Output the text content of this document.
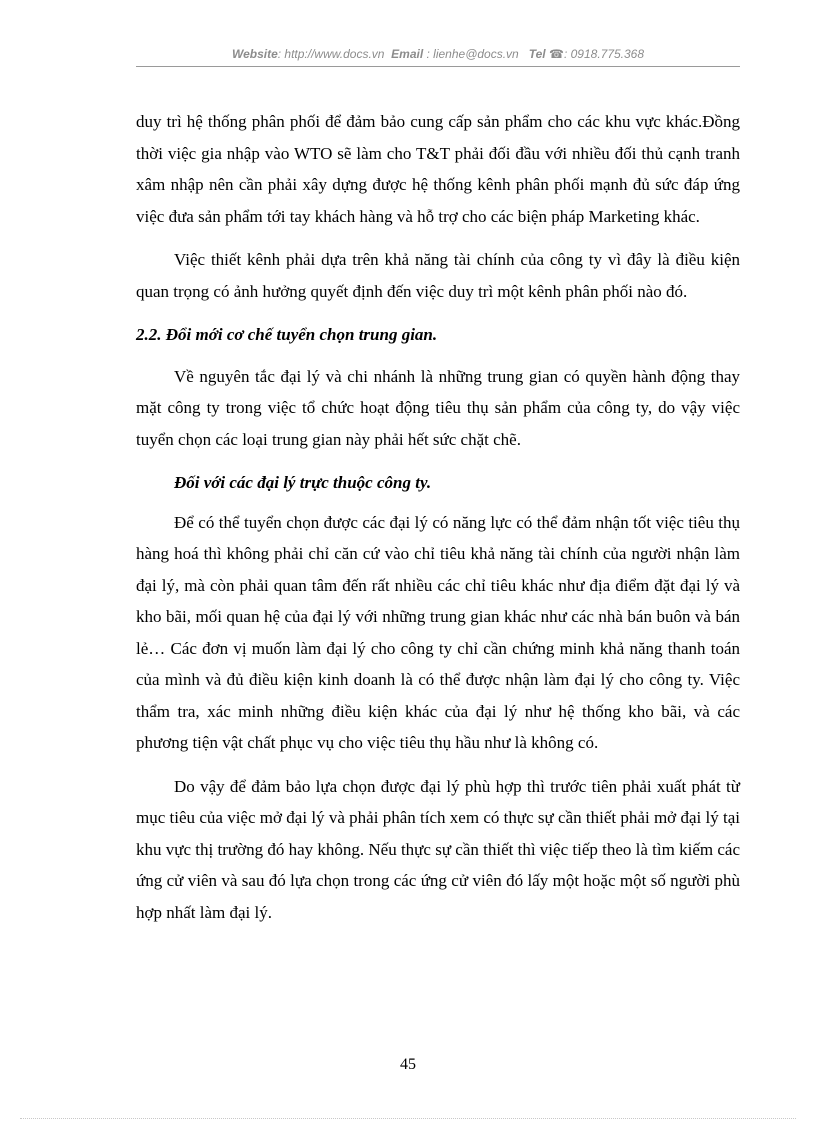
Website: http://www.docs.vn Email : lienhe@docs.vn Tel ☎: 0918.775.368

duy trì hệ thống phân phối để đảm bảo cung cấp sản phẩm cho các khu vực khác.Đồng thời việc gia nhập vào WTO sẽ làm cho T&T phải đối đầu với nhiều đối thủ cạnh tranh xâm nhập nên cần phải xây dựng được hệ thống kênh phân phối mạnh đủ sức đáp ứng việc đưa sản phẩm tới tay khách hàng và hỗ trợ cho các biện pháp Marketing khác.

Việc thiết kênh phải dựa trên khả năng tài chính của công ty vì đây là điều kiện quan trọng có ảnh hưởng quyết định đến việc duy trì một kênh phân phối nào đó.

2.2. Đổi mới cơ chế tuyển chọn trung gian.

Về nguyên tắc đại lý và chi nhánh là những trung gian có quyền hành động thay mặt công ty trong việc tổ chức hoạt động tiêu thụ sản phẩm của công ty, do vậy việc tuyển chọn các loại trung gian này phải hết sức chặt chẽ.

Đối với các đại lý trực thuộc công ty.

Để có thể tuyển chọn được các đại lý có năng lực có thể đảm nhận tốt việc tiêu thụ hàng hoá thì không phải chỉ căn cứ vào chỉ tiêu khả năng tài chính của người nhận làm đại lý, mà còn phải quan tâm đến rất nhiều các chỉ tiêu khác như địa điểm đặt đại lý và kho bãi, mối quan hệ của đại lý với những trung gian khác như các nhà bán buôn và bán lẻ… Các đơn vị muốn làm đại lý cho công ty chỉ cần chứng minh khả năng thanh toán của mình và đủ điều kiện kinh doanh là có thể được nhận làm đại lý cho công ty. Việc thẩm tra, xác minh những điều kiện khác của đại lý như hệ thống kho bãi, và các phương tiện vật chất phục vụ cho việc tiêu thụ hầu như là không có.

Do vậy để đảm bảo lựa chọn được đại lý phù hợp thì trước tiên phải xuất phát từ mục tiêu của việc mở đại lý và phải phân tích xem có thực sự cần thiết phải mở đại lý tại khu vực thị trường đó hay không. Nếu thực sự cần thiết thì việc tiếp theo là tìm kiếm các ứng cử viên và sau đó lựa chọn trong các ứng cử viên đó lấy một hoặc một số người phù hợp nhất làm đại lý.

45
